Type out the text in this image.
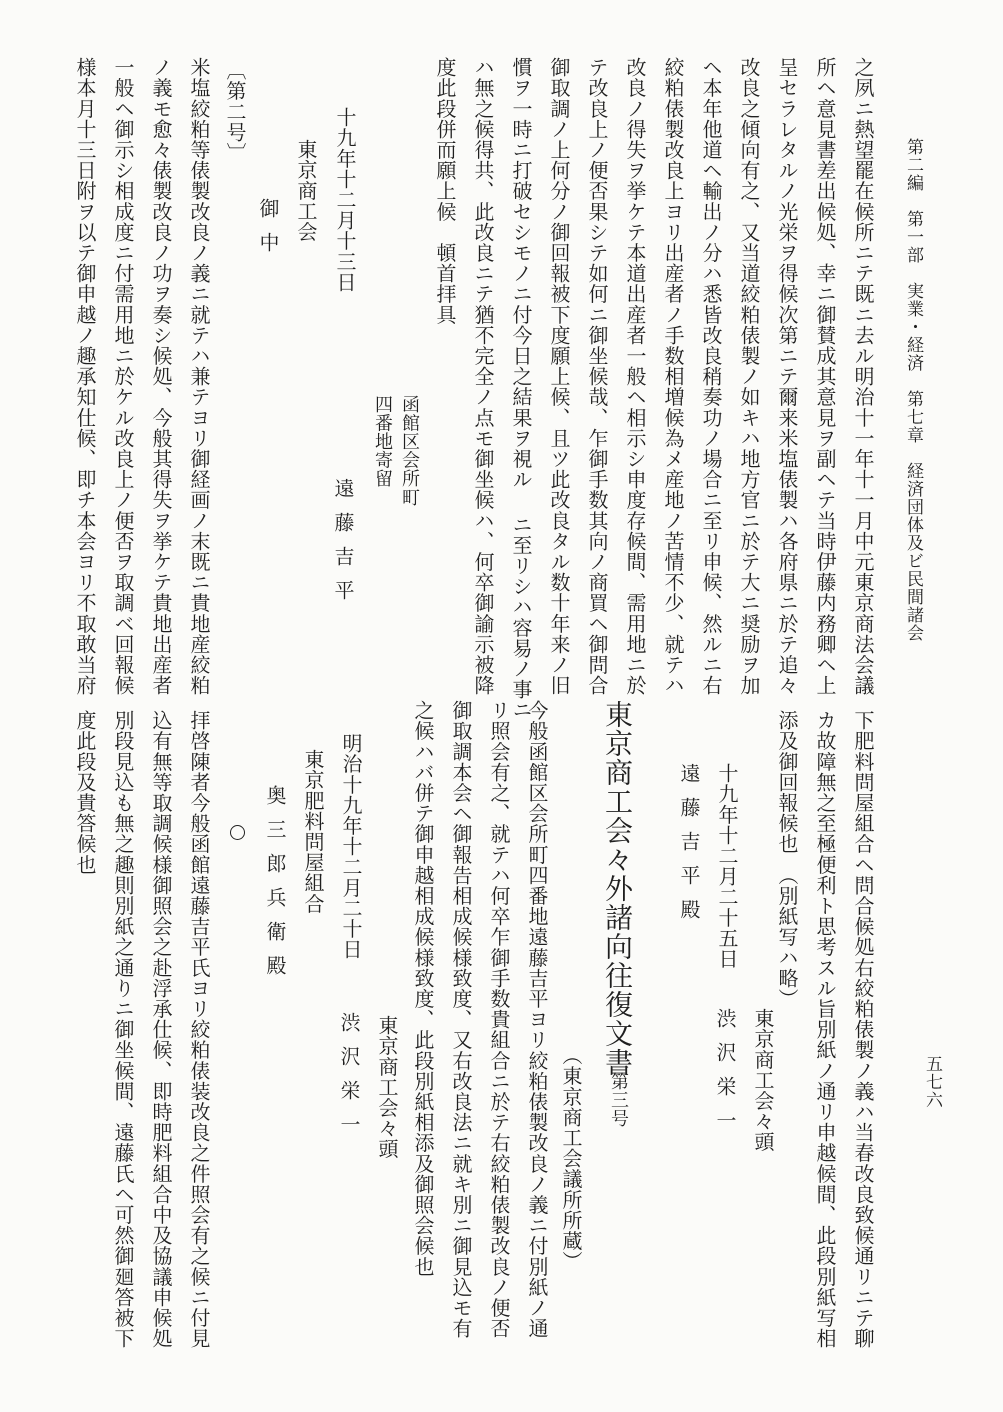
第二編　第一部　実業・経済　第七章　経済団体及ビ民間諸会
五七六
之夙ニ熱望罷在候所ニテ既ニ去ル明治十一年十一月中元東京商法会議
所ヘ意見書差出候処、幸ニ御賛成其意見ヲ副ヘテ当時伊藤内務卿ヘ上
呈セラレタルノ光栄ヲ得候次第ニテ爾来米塩俵製ハ各府県ニ於テ追々
改良之傾向有之、又当道絞粕俵製ノ如キハ地方官ニ於テ大ニ奨励ヲ加
ヘ本年他道ヘ輸出ノ分ハ悉皆改良稍奏功ノ場合ニ至リ申候、然ルニ右
絞粕俵製改良上ヨリ出産者ノ手数相増候為メ産地ノ苦情不少、就テハ
改良ノ得失ヲ挙ケテ本道出産者一般ヘ相示シ申度存候間、需用地ニ於
テ改良上ノ便否果シテ如何ニ御坐候哉、乍御手数其向ノ商買ヘ御問合
御取調ノ上何分ノ御回報被下度願上候、且ツ此改良タル数十年来ノ旧
慣ヲ一時ニ打破セシモノニ付今日之結果ヲ視ル ニ至リシハ容易ノ事ニ
ハ無之候得共、此改良ニテ猶不完全ノ点モ御坐候ハ、何卒御諭示被降
度此段併而願上候　頓首拝具
函館区会所町
四番地寄留
遠藤吉平
十九年十二月十三日
東京商工会
御中
〔第二号〕
米塩絞粕等俵製改良ノ義ニ就テハ兼テヨリ御経画ノ末既ニ貴地産絞粕
ノ義モ愈々俵製改良ノ功ヲ奏シ候処、今般其得失ヲ挙ケテ貴地出産者
一般ヘ御示シ相成度ニ付需用地ニ於ケル改良上ノ便否ヲ取調ベ回報候
様本月十三日附ヲ以テ御申越ノ趣承知仕候、即チ本会ヨリ不取敢当府
下肥料問屋組合ヘ問合候処右絞粕俵製ノ義ハ当春改良致候通リニテ聊
カ故障無之至極便利ト思考スル旨別紙ノ通リ申越候間、此段別紙写相
添及御回報候也　（別紙写ハ略）
東京商工会々頭
渋沢栄一
十九年十二月二十五日
遠藤吉平殿
東京商工会々外諸向往復文書
第三号
（東京商工会議所所蔵）
今般函館区会所町四番地遠藤吉平ヨリ絞粕俵製改良ノ義ニ付別紙ノ通
リ照会有之、就テハ何卒乍御手数貴組合ニ於テ右絞粕俵製改良ノ便否
御取調本会ヘ御報告相成候様致度、又右改良法ニ就キ別ニ御見込モ有
之候ハバ併テ御申越相成候様致度、此段別紙相添及御照会候也
東京商工会々頭
渋沢栄一
明治十九年十二月二十日
東京肥料問屋組合
奥三郎兵衛殿
拝啓陳者今般函館遠藤吉平氏ヨリ絞粕俵装改良之件照会有之候ニ付見
込有無等取調候様御照会之赴浮承仕候、即時肥料組合中及協議申候処
別段見込も無之趣則別紙之通りニ御坐候間、遠藤氏ヘ可然御廻答被下
度此段及貴答候也
